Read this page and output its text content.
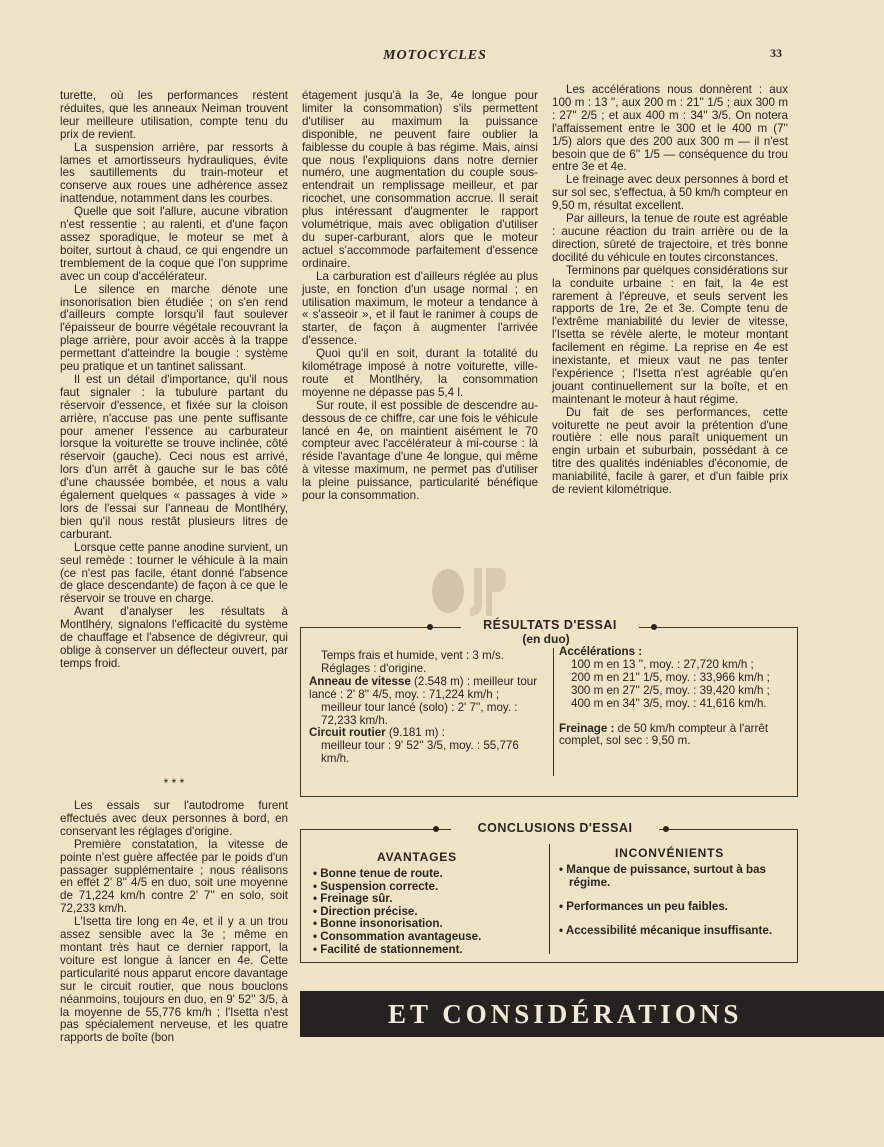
MOTOCYCLES	33

turette, où les performances restent réduites, que les anneaux Neiman trouvent leur meilleure utilisation, compte tenu du prix de revient.

La suspension arrière, par ressorts à lames et amortisseurs hydrauliques, évite les sautillements du train-moteur et conserve aux roues une adhérence assez inattendue, notamment dans les courbes.

Quelle que soit l'allure, aucune vibration n'est ressentie ; au ralenti, et d'une façon assez sporadique, le moteur se met à boiter, surtout à chaud, ce qui engendre un tremblement de la coque que l'on supprime avec un coup d'accélérateur.

Le silence en marche dénote une insonorisation bien étudiée ; on s'en rend d'ailleurs compte lorsqu'il faut soulever l'épaisseur de bourre végétale recouvrant la plage arrière, pour avoir accès à la trappe permettant d'atteindre la bougie : système peu pratique et un tantinet salissant.

Il est un détail d'importance, qu'il nous faut signaler : la tubulure partant du réservoir d'essence, et fixée sur la cloison arrière, n'accuse pas une pente suffisante pour amener l'essence au carburateur lorsque la voiturette se trouve inclinée, côté réservoir (gauche). Ceci nous est arrivé, lors d'un arrêt à gauche sur le bas côté d'une chaussée bombée, et nous a valu également quelques « passages à vide » lors de l'essai sur l'anneau de Montlhéry, bien qu'il nous restât plusieurs litres de carburant.

Lorsque cette panne anodine survient, un seul remède : tourner le véhicule à la main (ce n'est pas facile, étant donné l'absence de glace descendante) de façon à ce que le réservoir se trouve en charge.

Avant d'analyser les résultats à Montlhéry, signalons l'efficacité du système de chauffage et l'absence de dégivreur, qui oblige à conserver un déflecteur ouvert, par temps froid.

* * *

Les essais sur l'autodrome furent effectués avec deux personnes à bord, en conservant les réglages d'origine.

Première constatation, la vitesse de pointe n'est guère affectée par le poids d'un passager supplémentaire ; nous réalisons en effet 2' 8'' 4/5 en duo, soit une moyenne de 71,224 km/h contre 2' 7'' en solo, soit 72,233 km/h.

L'Isetta tire long en 4e, et il y a un trou assez sensible avec la 3e ; même en montant très haut ce dernier rapport, la voiture est longue à lancer en 4e. Cette particularité nous apparut encore davantage sur le circuit routier, que nous bouclons néanmoins, toujours en duo, en 9' 52'' 3/5, à la moyenne de 55,776 km/h ; l'Isetta n'est pas spécialement nerveuse, et les quatre rapports de boîte (bon

étagement jusqu'à la 3e, 4e longue pour limiter la consommation) s'ils permettent d'utiliser au maximum la puissance disponible, ne peuvent faire oublier la faiblesse du couple à bas régime. Mais, ainsi que nous l'expliquions dans notre dernier numéro, une augmentation du couple sous-entendrait un remplissage meilleur, et par ricochet, une consommation accrue. Il serait plus intéressant d'augmenter le rapport volumétrique, mais avec obligation d'utiliser du super-carburant, alors que le moteur actuel s'accommode parfaitement d'essence ordinaire.

La carburation est d'ailleurs réglée au plus juste, en fonction d'un usage normal ; en utilisation maximum, le moteur a tendance à « s'asseoir », et il faut le ranimer à coups de starter, de façon à augmenter l'arrivée d'essence.

Quoi qu'il en soit, durant la totalité du kilométrage imposé à notre voiturette, ville-route et Montlhéry, la consommation moyenne ne dépasse pas 5,4 l.

Sur route, il est possible de descendre au-dessous de ce chiffre, car une fois le véhicule lancé en 4e, on maintient aisément le 70 compteur avec l'accélérateur à mi-course : là réside l'avantage d'une 4e longue, qui même à vitesse maximum, ne permet pas d'utiliser la pleine puissance, particularité bénéfique pour la consommation.

Les accélérations nous donnèrent : aux 100 m : 13 '', aux 200 m : 21'' 1/5 ; aux 300 m : 27'' 2/5 ; et aux 400 m : 34'' 3/5. On notera l'affaissement entre le 300 et le 400 m (7'' 1/5) alors que des 200 aux 300 m — il n'est besoin que de 6'' 1/5 — conséquence du trou entre 3e et 4e.

Le freinage avec deux personnes à bord et sur sol sec, s'effectua, à 50 km/h compteur en 9,50 m, résultat excellent.

Par ailleurs, la tenue de route est agréable : aucune réaction du train arrière ou de la direction, sûreté de trajectoire, et très bonne docilité du véhicule en toutes circonstances.

Terminons par quelques considérations sur la conduite urbaine : en fait, la 4e est rarement à l'épreuve, et seuls servent les rapports de 1re, 2e et 3e. Compte tenu de l'extrême maniabilité du levier de vitesse, l'Isetta se révèle alerte, le moteur montant facilement en régime. La reprise en 4e est inexistante, et mieux vaut ne pas tenter l'expérience ; l'Isetta n'est agréable qu'en jouant continuellement sur la boîte, et en maintenant le moteur à haut régime.

Du fait de ses performances, cette voiturette ne peut avoir la prétention d'une routière : elle nous paraît uniquement un engin urbain et suburbain, possédant à ce titre des qualités indéniables d'économie, de maniabilité, facile à garer, et d'un faible prix de revient kilométrique.

RÉSULTATS D'ESSAI
(en duo)

Temps frais et humide, vent : 3 m/s.

Réglages : d'origine.

Anneau de vitesse (2.548 m) : meilleur tour lancé : 2' 8'' 4/5, moy. : 71,224 km/h ;

meilleur tour lancé (solo) : 2' 7'', moy. : 72,233 km/h.

Circuit routier (9.181 m) :

meilleur tour : 9' 52'' 3/5, moy. : 55,776 km/h.

Accélérations :

100 m en 13 '', moy. : 27,720 km/h ;

200 m en 21'' 1/5, moy. : 33,966 km/h ;

300 m en 27'' 2/5, moy. : 39,420 km/h ;

400 m en 34'' 3/5, moy. : 41,616 km/h.

Freinage : de 50 km/h compteur à l'arrêt complet, sol sec : 9,50 m.

CONCLUSIONS D'ESSAI
AVANTAGES
• Bonne tenue de route.
• Suspension correcte.
• Freinage sûr.
• Direction précise.
• Bonne insonorisation.
• Consommation avantageuse.
• Facilité de stationnement.
INCONVÉNIENTS
• Manque de puissance, surtout à bas régime.
• Performances un peu faibles.
• Accessibilité mécanique insuffisante.
ET CONSIDÉRATIONS
